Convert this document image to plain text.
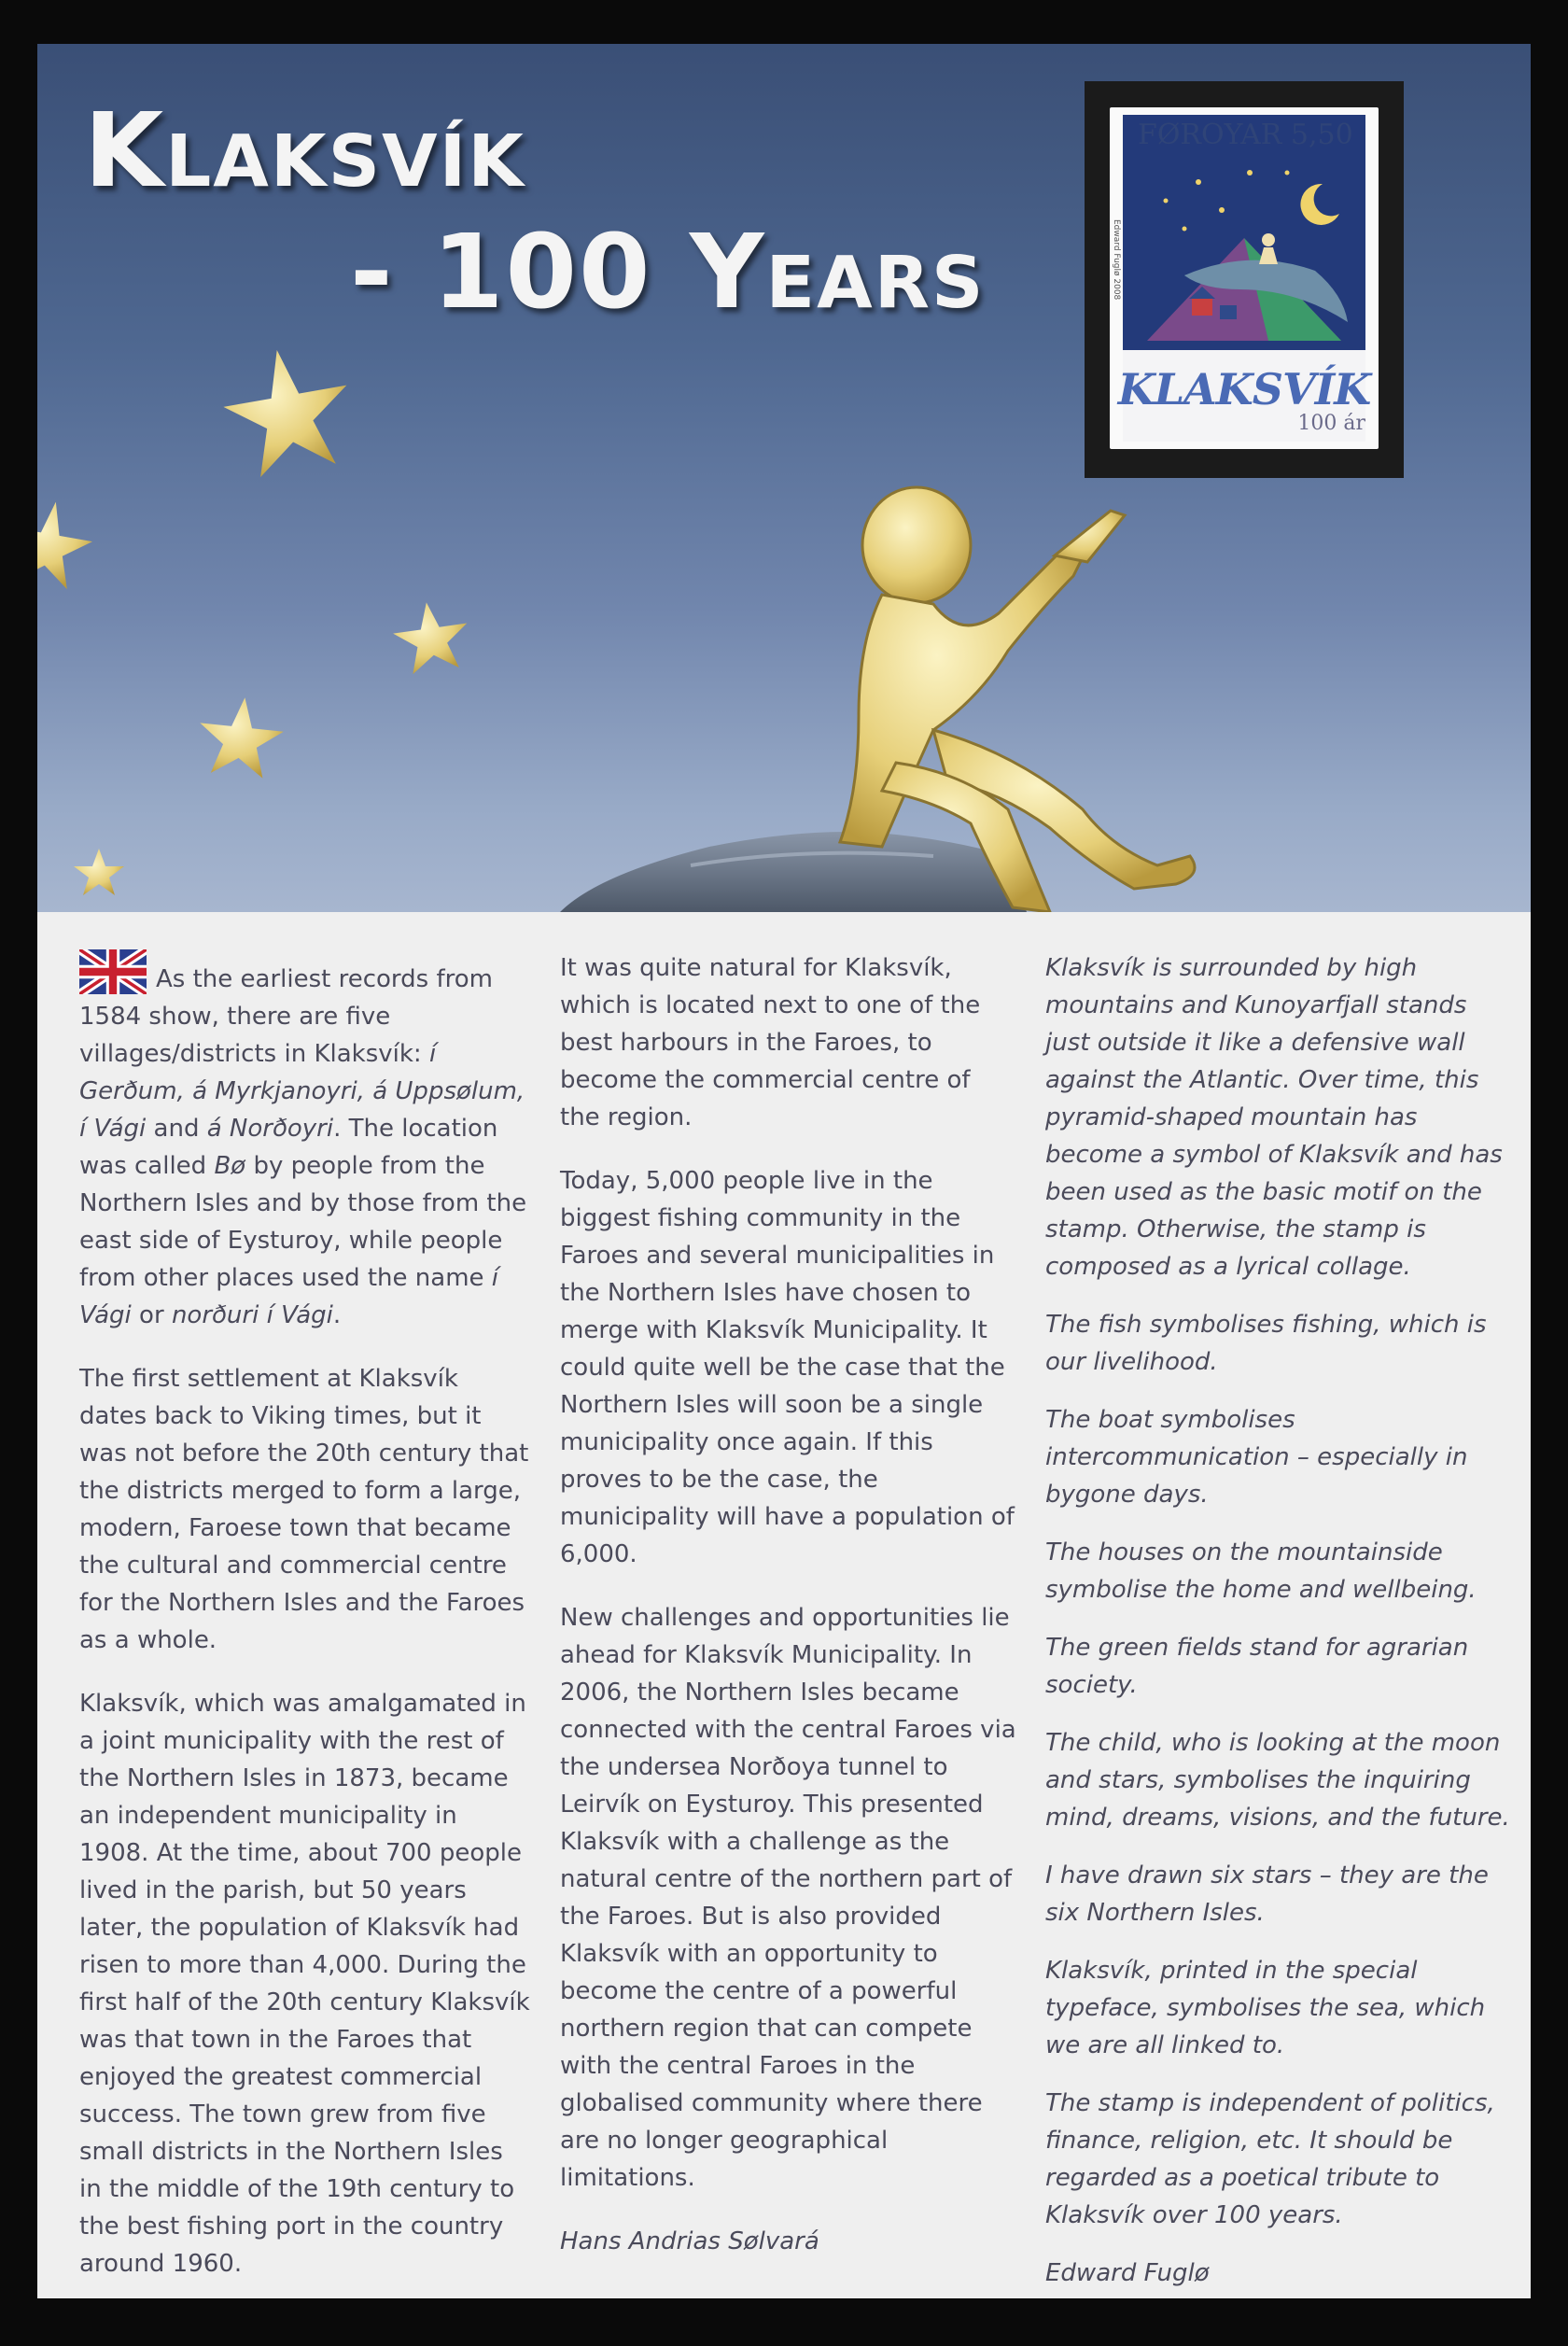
Klaksvík
- 100 Years
FØROYAR 5,50
Edward Fuglø 2008
KLAKSVÍK
100 ár

As the earliest records from 1584 show, there are five villages/districts in Klaksvík: í Gerðum, á Myrkjanoyri, á Uppsølum, í Vági and á Norðoyri. The location was called Bø by people from the Northern Isles and by those from the east side of Eysturoy, while people from other places used the name í Vági or norðuri í Vági.

The first settlement at Klaksvík dates back to Viking times, but it was not before the 20th century that the districts merged to form a large, modern, Faroese town that became the cultural and commercial centre for the Northern Isles and the Faroes as a whole.

Klaksvík, which was amalgamated in a joint municipality with the rest of the Northern Isles in 1873, became an independent municipality in 1908. At the time, about 700 people lived in the parish, but 50 years later, the population of Klaksvík had risen to more than 4,000. During the first half of the 20th century Klaksvík was that town in the Faroes that enjoyed the greatest commercial success. The town grew from five small districts in the Northern Isles in the middle of the 19th century to the best fishing port in the country around 1960.

It was quite natural for Klaksvík, which is located next to one of the best harbours in the Faroes, to become the commercial centre of the region.

Today, 5,000 people live in the biggest fishing community in the Faroes and several municipalities in the Northern Isles have chosen to merge with Klaksvík Municipality. It could quite well be the case that the Northern Isles will soon be a single municipality once again. If this proves to be the case, the municipality will have a population of 6,000.

New challenges and opportunities lie ahead for Klaksvík Municipality. In 2006, the Northern Isles became connected with the central Faroes via the undersea Norðoya tunnel to Leirvík on Eysturoy. This presented Klaksvík with a challenge as the natural centre of the northern part of the Faroes. But is also provided Klaksvík with an opportunity to become the centre of a powerful northern region that can compete with the central Faroes in the globalised community where there are no longer geographical limitations.

Hans Andrias Sølvará

Klaksvík is surrounded by high mountains and Kunoyarfjall stands just outside it like a defensive wall against the Atlantic. Over time, this pyramid-shaped mountain has become a symbol of Klaksvík and has been used as the basic motif on the stamp. Otherwise, the stamp is composed as a lyrical collage.

The fish symbolises fishing, which is our livelihood.

The boat symbolises intercommunication – especially in bygone days.

The houses on the mountainside symbolise the home and wellbeing.

The green fields stand for agrarian society.

The child, who is looking at the moon and stars, symbolises the inquiring mind, dreams, visions, and the future.

I have drawn six stars – they are the six Northern Isles.

Klaksvík, printed in the special typeface, symbolises the sea, which we are all linked to.

The stamp is independent of politics, finance, religion, etc. It should be regarded as a poetical tribute to Klaksvík over 100 years.

Edward Fuglø
